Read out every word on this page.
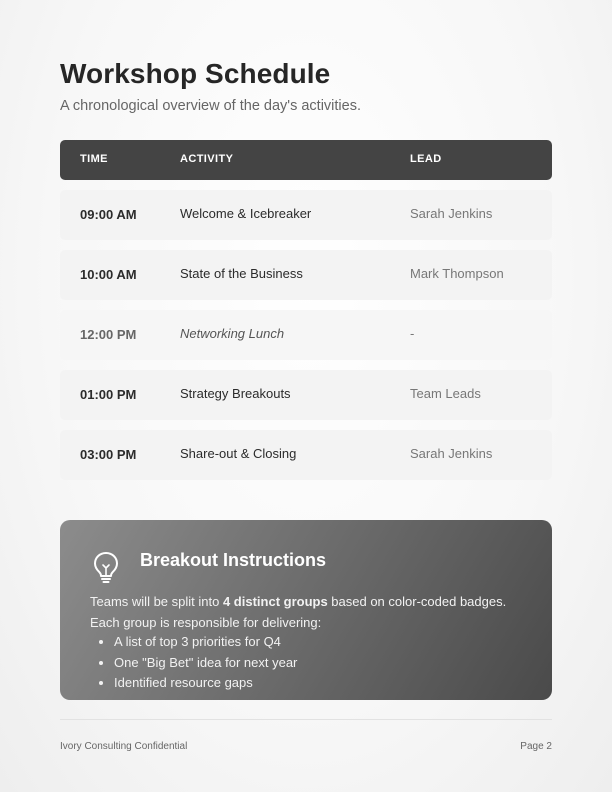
Workshop Schedule

A chronological overview of the day's activities.

TIME	ACTIVITY	LEAD
09:00 AM	Welcome & Icebreaker	Sarah Jenkins
10:00 AM	State of the Business	Mark Thompson
12:00 PM	Networking Lunch	-
01:00 PM	Strategy Breakouts	Team Leads
03:00 PM	Share-out & Closing	Sarah Jenkins
Breakout Instructions

Teams will be split into 4 distinct groups based on color-coded badges. Each group is responsible for delivering:

• A list of top 3 priorities for Q4
• One "Big Bet" idea for next year
• Identified resource gaps
Ivory Consulting Confidential	Page 2
